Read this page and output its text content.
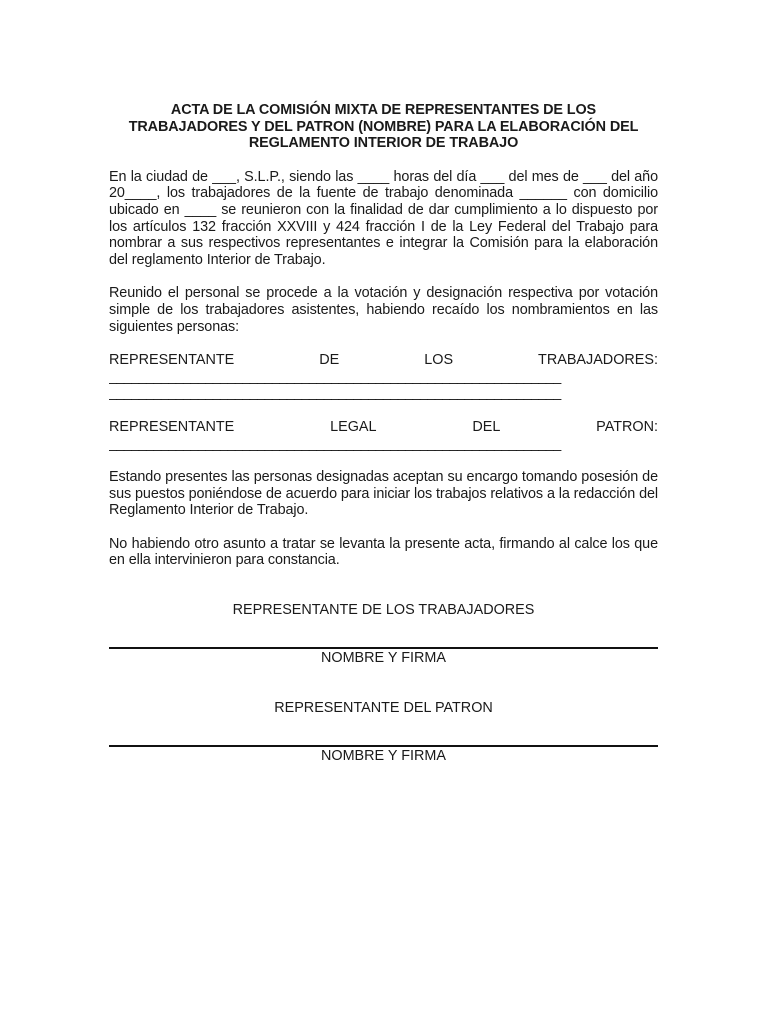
ACTA DE LA COMISIÓN MIXTA DE REPRESENTANTES DE LOS
TRABAJADORES Y DEL PATRON (NOMBRE) PARA LA ELABORACIÓN DEL
REGLAMENTO INTERIOR DE TRABAJO

En la ciudad de ___, S.L.P., siendo las ____ horas del día ___ del mes de ___ del año 20____, los trabajadores de la fuente de trabajo denominada ______ con domicilio ubicado en ____ se reunieron con la finalidad de dar cumplimiento a lo dispuesto por los artículos 132 fracción XXVIII y 424 fracción I de la Ley Federal del Trabajo para nombrar a sus respectivos representantes e integrar la Comisión para la elaboración del reglamento Interior de Trabajo.

Reunido el personal se procede a la votación y designación respectiva por votación simple de los trabajadores asistentes, habiendo recaído los nombramientos en las siguientes personas:

REPRESENTANTE	DE	LOS	TRABAJADORES:
_____________________________________________________________
_____________________________________________________________
REPRESENTANTE	LEGAL	DEL	PATRON:
_____________________________________________________________

Estando presentes las personas designadas aceptan su encargo tomando posesión de sus puestos poniéndose de acuerdo para iniciar los trabajos relativos a la redacción del Reglamento Interior de Trabajo.

No habiendo otro asunto a tratar se levanta la presente acta, firmando al calce los que en ella intervinieron para constancia.

REPRESENTANTE DE LOS TRABAJADORES
NOMBRE Y FIRMA
REPRESENTANTE DEL PATRON
NOMBRE Y FIRMA
